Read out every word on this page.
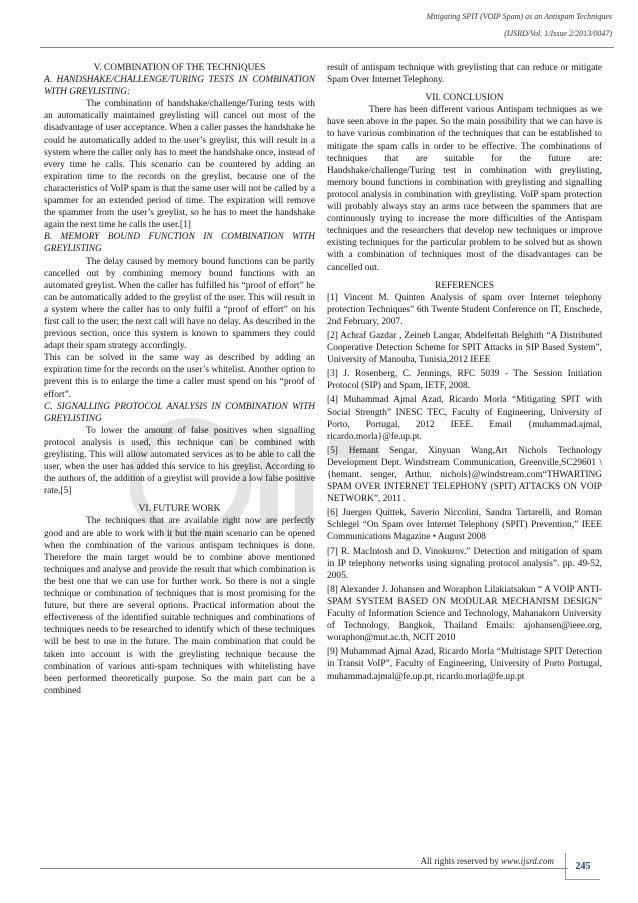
Mitigating SPIT (VOIP Spam) as an Antispam Techniques
(IJSRD/Vol. 1/Issue 2/2013/0047)

V. COMBINATION OF THE TECHNIQUES

A. HANDSHAKE/CHALLENGE/TURING TESTS IN COMBINATION WITH GREYLISTING:

The combination of handshake/challenge/Turing tests with an automatically maintained greylisting will cancel out most of the disadvantage of user acceptance. When a caller passes the handshake he could be automatically added to the user’s greylist, this will result in a system where the caller only has to meet the handshake once, instead of every time he calls. This scenario can be countered by adding an expiration time to the records on the greylist, because one of the characteristics of VoIP spam is that the same user will not be called by a spammer for an extended period of time. The expiration will remove the spammer from the user’s greylist, so he has to meet the handshake again the next time he calls the user.[1]

B. MEMORY BOUND FUNCTION IN COMBINATION WITH GREYLISTING

The delay caused by memory bound functions can be partly cancelled out by combining memory bound functions with an automated greylist. When the caller has fulfilled his “proof of effort” he can be automatically added to the greylist of the user. This will result in a system where the caller has to only fulfil a “proof of effort” on his first call to the user; the next call will have no delay. As described in the previous section, once this system is known to spammers they could adapt their spam strategy accordingly.

This can be solved in the same way as described by adding an expiration time for the records on the user’s whitelist. Another option to prevent this is to enlarge the time a caller must spend on his “proof of effort”.

C. SIGNALLING PROTOCOL ANALYSIS IN COMBINATION WITH GREYLISTING

To lower the amount of false positives when signalling protocol analysis is used, this technique can be combined with greylisting. This will allow automated services as to be able to call the user, when the user has added this service to his greylist. According to the authors of, the addition of a greylist will provide a low false positive rate.[5]

VI. FUTURE WORK

The techniques that are available right now are perfectly good and are able to work with it but the main scenario can be opened when the combination of the various antispam techniques is done. Therefore the main target would be to combine above mentioned techniques and analyse and provide the result that which combination is the best one that we can use for further work. So there is not a single technique or combination of techniques that is most promising for the future, but there are several options. Practical information about the effectiveness of the identified suitable techniques and combinations of techniques needs to be researched to identify which of these techniques will be best to use in the future. The main combination that could be taken into account is with the greylisting technique because the combination of various anti-spam techniques with whitelisting have been performed theoretically purpose. So the main part can be a combined

result of antispam technique with greylisting that can reduce or mitigate Spam Over Internet Telephony.

VII. CONCLUSION

There has been different various Antispam techniques as we have seen above in the paper. So the main possibility that we can have is to have various combination of the techniques that can be established to mitigate the spam calls in order to be effective. The combinations of techniques that are suitable for the future are: Handshake/challenge/Turing test in combination with greylisting, memory bound functions in combination with greylisting and signalling protocol analysis in combination with greylisting. VoIP spam protection will probably always stay an arms race between the spammers that are continuously trying to increase the more difficulties of the Antispam techniques and the researchers that develop new techniques or improve existing techniques for the particular problem to be solved but as shown with a combination of techniques most of the disadvantages can be cancelled out.

REFERENCES

[1] Vincent M. Quinten Analysis of spam over Internet telephony protection Techniques” 6th Twente Student Conference on IT, Enschede, 2nd February, 2007.

[2] Achraf Gazdar , Zeineb Langar, Abdelfettah Belghith “A Distributed Cooperative Detection Scheme for SPIT Attacks in SIP Based System”, University of Manouba, Tunisia,2012 IEEE

[3] J. Rosenberg, C. Jennings, RFC 5039 - The Session Initiation Protocol (SIP) and Spam, IETF, 2008.

[4] Muhammad Ajmal Azad, Ricardo Morla “Mitigating SPIT with Social Strength” INESC TEC, Faculty of Engineering, University of Porto, Portugal, 2012 IEEE. Email {muhammad.ajmal, ricardo.morla}@fe.up.pt.

[5] Hemant Sengar, Xinyuan Wang,Art Nichols Technology Development Dept. Windstream Communication, Greenville,SC29601 \{hemant. senger, Arthur. nichols}@windstream.com“THWARTING SPAM OVER INTERNET TELEPHONY (SPIT) ATTACKS ON VOIP NETWORK”, 2011 .

[6] Juergen Quittek, Saverio Niccolini, Sandra Tartarelli, and Roman Schlegel “On Spam over Internet Telephony (SPIT) Prevention,” IEEE Communications Magazine • August 2008

[7] R. MacIntosh and D. Vinokurov.” Detection and mitigation of spam in IP telephony networks using signaling protocol analysis”. pp. 49-52, 2005.

[8] Alexander J. Johansen and Woraphon Lilakiatsakun “ A VOIP ANTI-SPAM SYSTEM BASED ON MODULAR MECHANISM DESIGN” Faculty of Information Science and Technology, Mahanakorn University of Technology, Bangkok, Thailand Emails: ajohansen@ieee.org, woraphon@mut.ac.th, NCIT 2010

[9] Muhammad Ajmal Azad, Ricardo Morla “Multistage SPIT Detection in Transit VoIP”, Faculty of Engineering, University of Porto Portugal, muhammad.ajmal@fe.up.pt, ricardo.morla@fe.up.pt

All rights reserved by www.ijsrd.com	245
